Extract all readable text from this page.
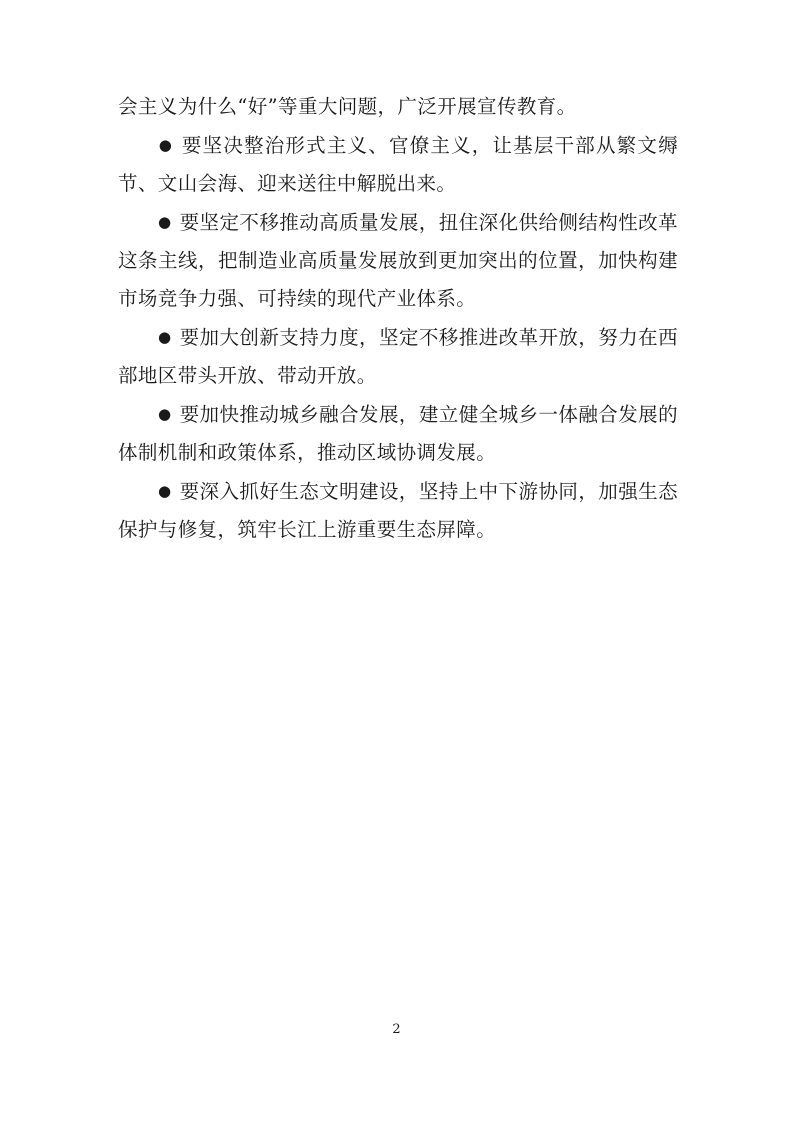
会主义为什么“好”等重大问题，广泛开展宣传教育。

● 要坚决整治形式主义、官僚主义，让基层干部从繁文缛节、文山会海、迎来送往中解脱出来。

● 要坚定不移推动高质量发展，扭住深化供给侧结构性改革这条主线，把制造业高质量发展放到更加突出的位置，加快构建市场竞争力强、可持续的现代产业体系。

● 要加大创新支持力度，坚定不移推进改革开放，努力在西部地区带头开放、带动开放。

● 要加快推动城乡融合发展，建立健全城乡一体融合发展的体制机制和政策体系，推动区域协调发展。

● 要深入抓好生态文明建设，坚持上中下游协同，加强生态保护与修复，筑牢长江上游重要生态屏障。

2
